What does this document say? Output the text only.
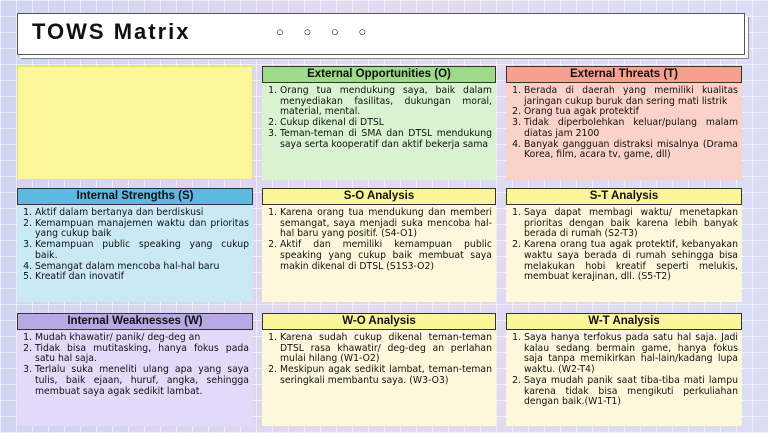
TOWS Matrix	○ ○ ○ ○
External Opportunities (O)
1. Orang tua mendukung saya, baik dalam menyediakan fasilitas, dukungan moral, material, mental.
2. Cukup dikenal di DTSL
3. Teman-teman di SMA dan DTSL mendukung saya serta kooperatif dan aktif bekerja sama
External Threats (T)
1. Berada di daerah yang memiliki kualitas jaringan cukup buruk dan sering mati listrik
2. Orang tua agak protektif
3. Tidak diperbolehkan keluar/pulang malam diatas jam 2100
4. Banyak gangguan distraksi misalnya (Drama Korea, film, acara tv, game, dll)
Internal Strengths (S)
1. Aktif dalam bertanya dan berdiskusi
2. Kemampuan manajemen waktu dan prioritas yang cukup baik
3. Kemampuan public speaking yang cukup baik.
4. Semangat dalam mencoba hal-hal baru
5. Kreatif dan inovatif
S-O Analysis
1. Karena orang tua mendukung dan memberi semangat, saya menjadi suka mencoba hal-hal baru yang positif. (S4-O1)
2. Aktif dan memiliki kemampuan public speaking yang cukup baik membuat saya makin dikenal di DTSL (S1S3-O2)
S-T Analysis
1. Saya dapat membagi waktu/ menetapkan prioritas dengan baik karena lebih banyak berada di rumah (S2-T3)
2. Karena orang tua agak protektif, kebanyakan waktu saya berada di rumah sehingga bisa melakukan hobi kreatif seperti melukis, membuat kerajinan, dll. (S5-T2)
Internal Weaknesses (W)
1. Mudah khawatir/ panik/ deg-deg an
2. Tidak bisa mutitasking, hanya fokus pada satu hal saja.
3. Terlalu suka meneliti ulang apa yang saya tulis, baik ejaan, huruf, angka, sehingga membuat saya agak sedikit lambat.
W-O Analysis
1. Karena sudah cukup dikenal teman-teman DTSL rasa khawatir/ deg-deg an perlahan mulai hilang (W1-O2)
2. Meskipun agak sedikit lambat, teman-teman seringkali membantu saya. (W3-O3)
W-T Analysis
1. Saya hanya terfokus pada satu hal saja. Jadi kalau sedang bermain game, hanya fokus saja tanpa memikirkan hal-lain/kadang lupa waktu. (W2-T4)
2. Saya mudah panik saat tiba-tiba mati lampu karena tidak bisa mengikuti perkuliahan dengan baik.(W1-T1)
